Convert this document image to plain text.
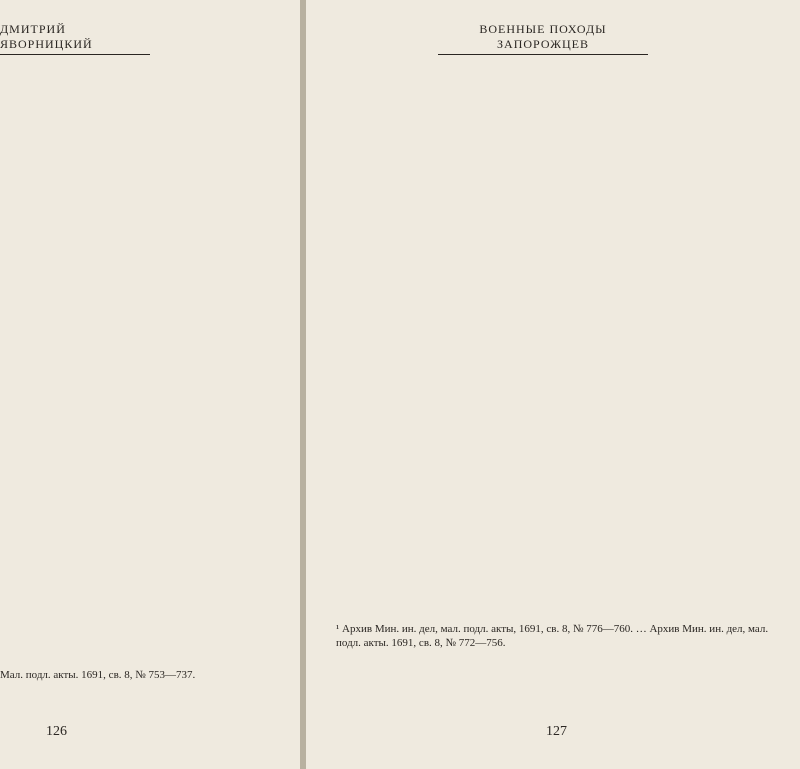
ДМИТРИЙ ЯВОРНИЦКИЙ
Мал. подл. акты. 1691, св. 8, № 753—737.
126
ВОЕННЫЕ ПОХОДЫ ЗАПОРОЖЦЕВ
¹ Архив Мин. ин. дел, мал. подл. акты, 1691, св. 8, № 776—760. … Архив Мин. ин. дел, мал. подл. акты. 1691, св. 8, № 772—756.
127
